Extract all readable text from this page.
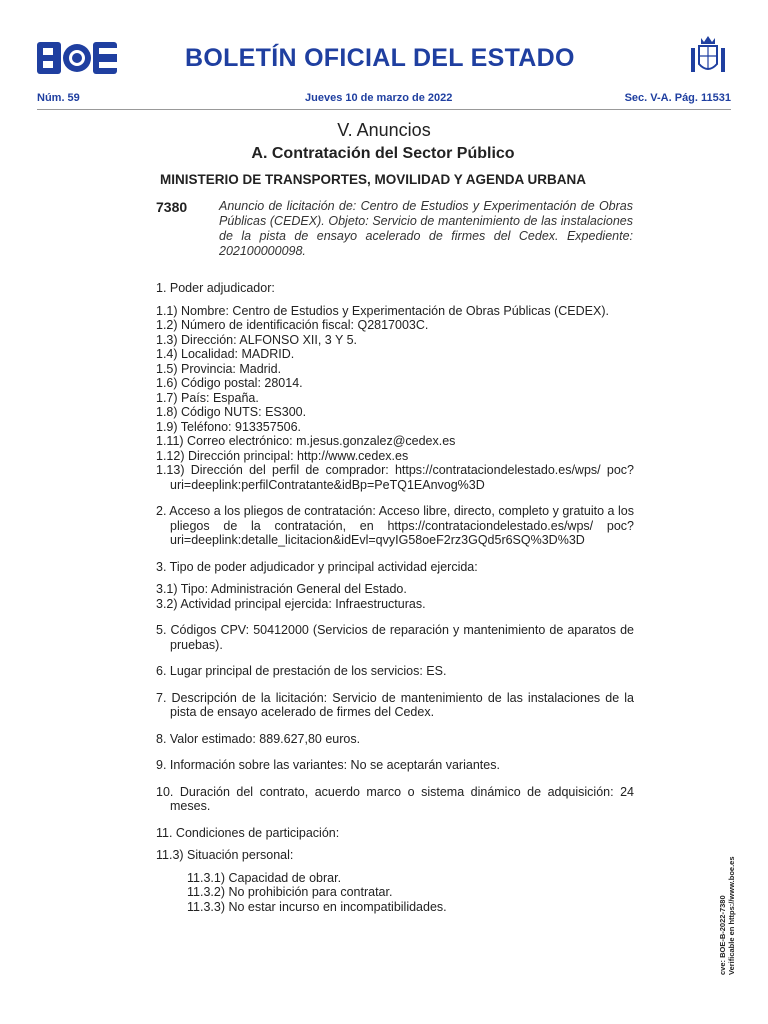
BOLETÍN OFICIAL DEL ESTADO
Núm. 59	Jueves 10 de marzo de 2022	Sec. V-A. Pág. 11531
V. Anuncios
A. Contratación del Sector Público
MINISTERIO DE TRANSPORTES, MOVILIDAD Y AGENDA URBANA
7380	Anuncio de licitación de: Centro de Estudios y Experimentación de Obras Públicas (CEDEX). Objeto: Servicio de mantenimiento de las instalaciones de la pista de ensayo acelerado de firmes del Cedex. Expediente: 202100000098.

1. Poder adjudicador:

1.1) Nombre: Centro de Estudios y Experimentación de Obras Públicas (CEDEX).
1.2) Número de identificación fiscal: Q2817003C.
1.3) Dirección: ALFONSO XII, 3 Y 5.
1.4) Localidad: MADRID.
1.5) Provincia: Madrid.
1.6) Código postal: 28014.
1.7) País: España.
1.8) Código NUTS: ES300.
1.9) Teléfono: 913357506.
1.11) Correo electrónico: m.jesus.gonzalez@cedex.es
1.12) Dirección principal: http://www.cedex.es
1.13) Dirección del perfil de comprador: https://contrataciondelestado.es/wps/ poc?uri=deeplink:perfilContratante&idBp=PeTQ1EAnvog%3D

2. Acceso a los pliegos de contratación: Acceso libre, directo, completo y gratuito a los pliegos de la contratación, en https://contrataciondelestado.es/wps/ poc?uri=deeplink:detalle_licitacion&idEvl=qvyIG58oeF2rz3GQd5r6SQ%3D%3D

3. Tipo de poder adjudicador y principal actividad ejercida:

3.1) Tipo: Administración General del Estado.
3.2) Actividad principal ejercida: Infraestructuras.

5. Códigos CPV: 50412000 (Servicios de reparación y mantenimiento de aparatos de pruebas).

6. Lugar principal de prestación de los servicios: ES.

7. Descripción de la licitación: Servicio de mantenimiento de las instalaciones de la pista de ensayo acelerado de firmes del Cedex.

8. Valor estimado: 889.627,80 euros.

9. Información sobre las variantes: No se aceptarán variantes.

10. Duración del contrato, acuerdo marco o sistema dinámico de adquisición: 24 meses.

11. Condiciones de participación:

11.3) Situación personal:
11.3.1) Capacidad de obrar.
11.3.2) No prohibición para contratar.
11.3.3) No estar incurso en incompatibilidades.	cve: BOE-B-2022-7380 Verificable en https://www.boe.es
